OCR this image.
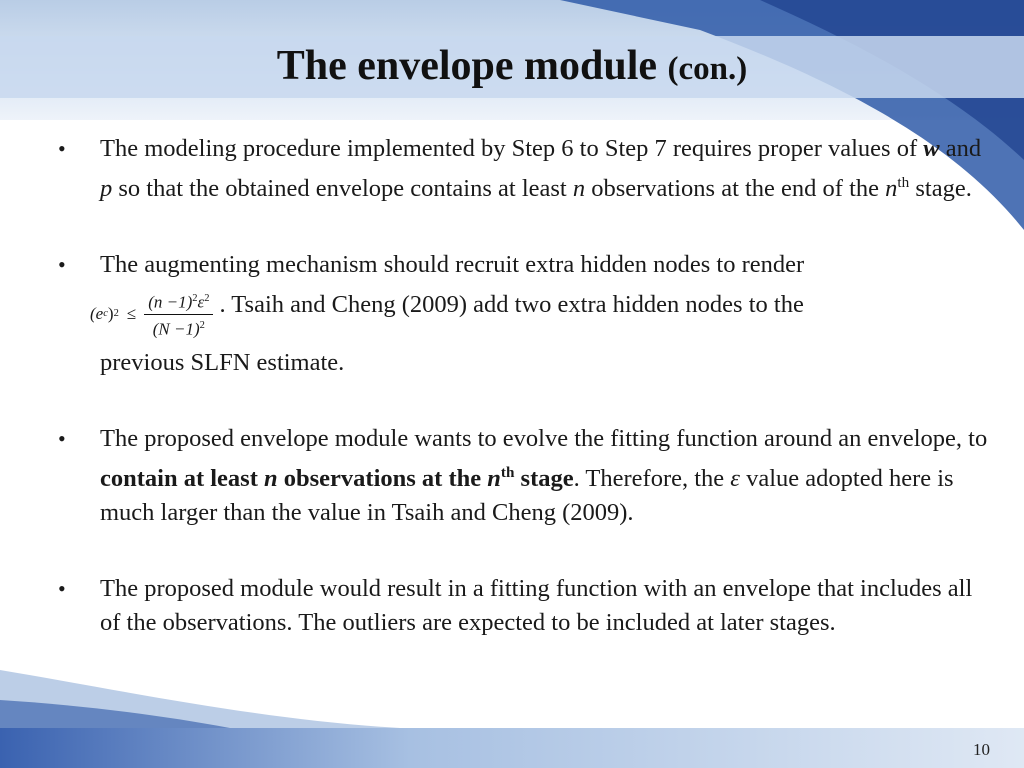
The envelope module (con.)
• The modeling procedure implemented by Step 6 to Step 7 requires proper values of w and p so that the obtained envelope contains at least n observations at the end of the $n^{th}$ stage.
• The augmenting mechanism should recruit extra hidden nodes to render
(e c ) $2 \le \frac{(n -1)^2\varepsilon^2}{(N -1)^2}$ . Tsaih and Cheng (2009) add two extra hidden nodes to the
previous SLFN estimate.
• The proposed envelope module wants to evolve the fitting function around an envelope, to contain at least n observations at the $n^{th}$ stage. Therefore, the ε value adopted here is much larger than the value in Tsaih and Cheng (2009).
• The proposed module would result in a fitting function with an envelope that includes all of the observations. The outliers are expected to be included at later stages.
10
